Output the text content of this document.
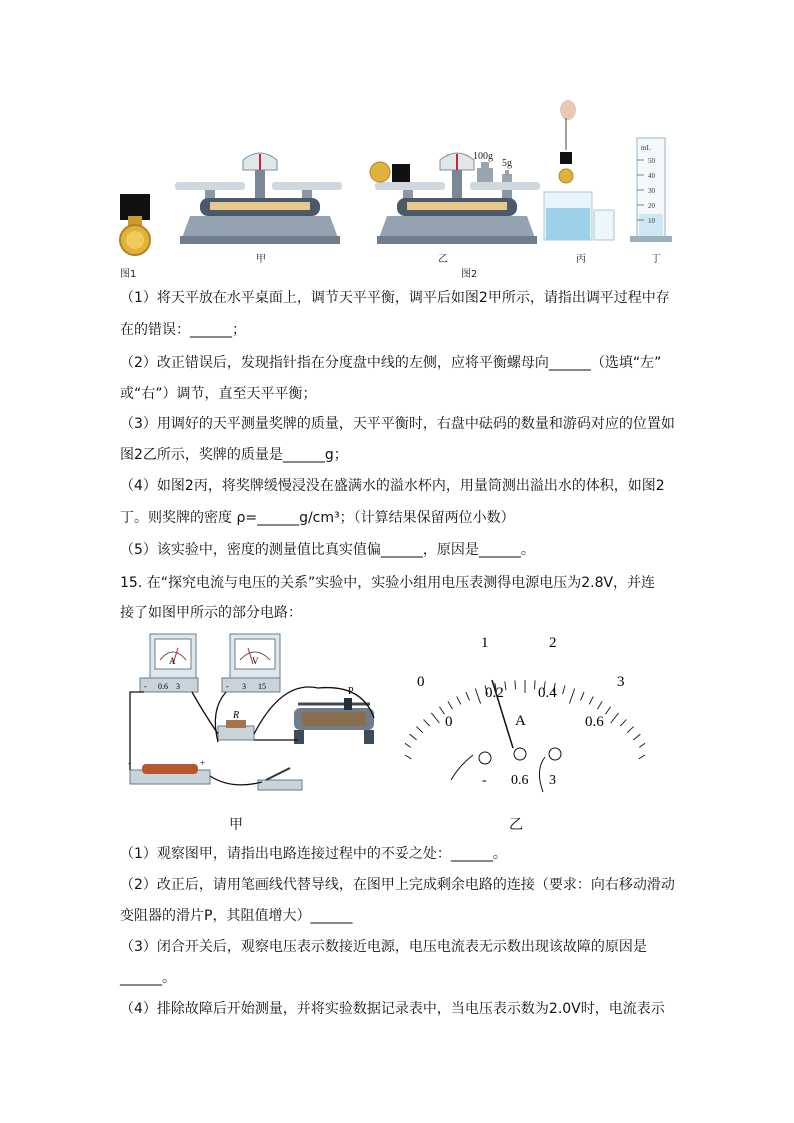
100g
5g
mL
50
40
30
20
10
图1
甲	乙
图2
丙	丁
（1）将天平放在水平桌面上，调节天平平衡，调平后如图2甲所示，请指出调平过程中存
在的错误：______；
（2）改正错误后，发现指针指在分度盘中线的左侧，应将平衡螺母向______（选填“左”
或“右”）调节，直至天平平衡；
（3）用调好的天平测量奖牌的质量，天平平衡时，右盘中砝码的数量和游码对应的位置如
图2乙所示，奖牌的质量是______g；
（4）如图2丙，将奖牌缓慢浸没在盛满水的溢水杯内，用量筒测出溢出水的体积，如图2
丁。则奖牌的密度 ρ=______g/cm³；（计算结果保留两位小数）
（5）该实验中，密度的测量值比真实值偏______，原因是______。
15. 在“探究电流与电压的关系”实验中，实验小组用电压表测得电源电压为2.8V，并连
接了如图甲所示的部分电路：
A
- 0.6 3
V
- 3 15
R
P
-	+
0
1	2
3
0
0.2 0.4
0.6
A
- 0.6 3
甲	乙
（1）观察图甲，请指出电路连接过程中的不妥之处：______。
（2）改正后，请用笔画线代替导线，在图甲上完成剩余电路的连接（要求：向右移动滑动
变阻器的滑片P，其阻值增大）______
（3）闭合开关后，观察电压表示数接近电源，电压电流表无示数出现该故障的原因是
______。
（4）排除故障后开始测量，并将实验数据记录表中，当电压表示数为2.0V时，电流表示
